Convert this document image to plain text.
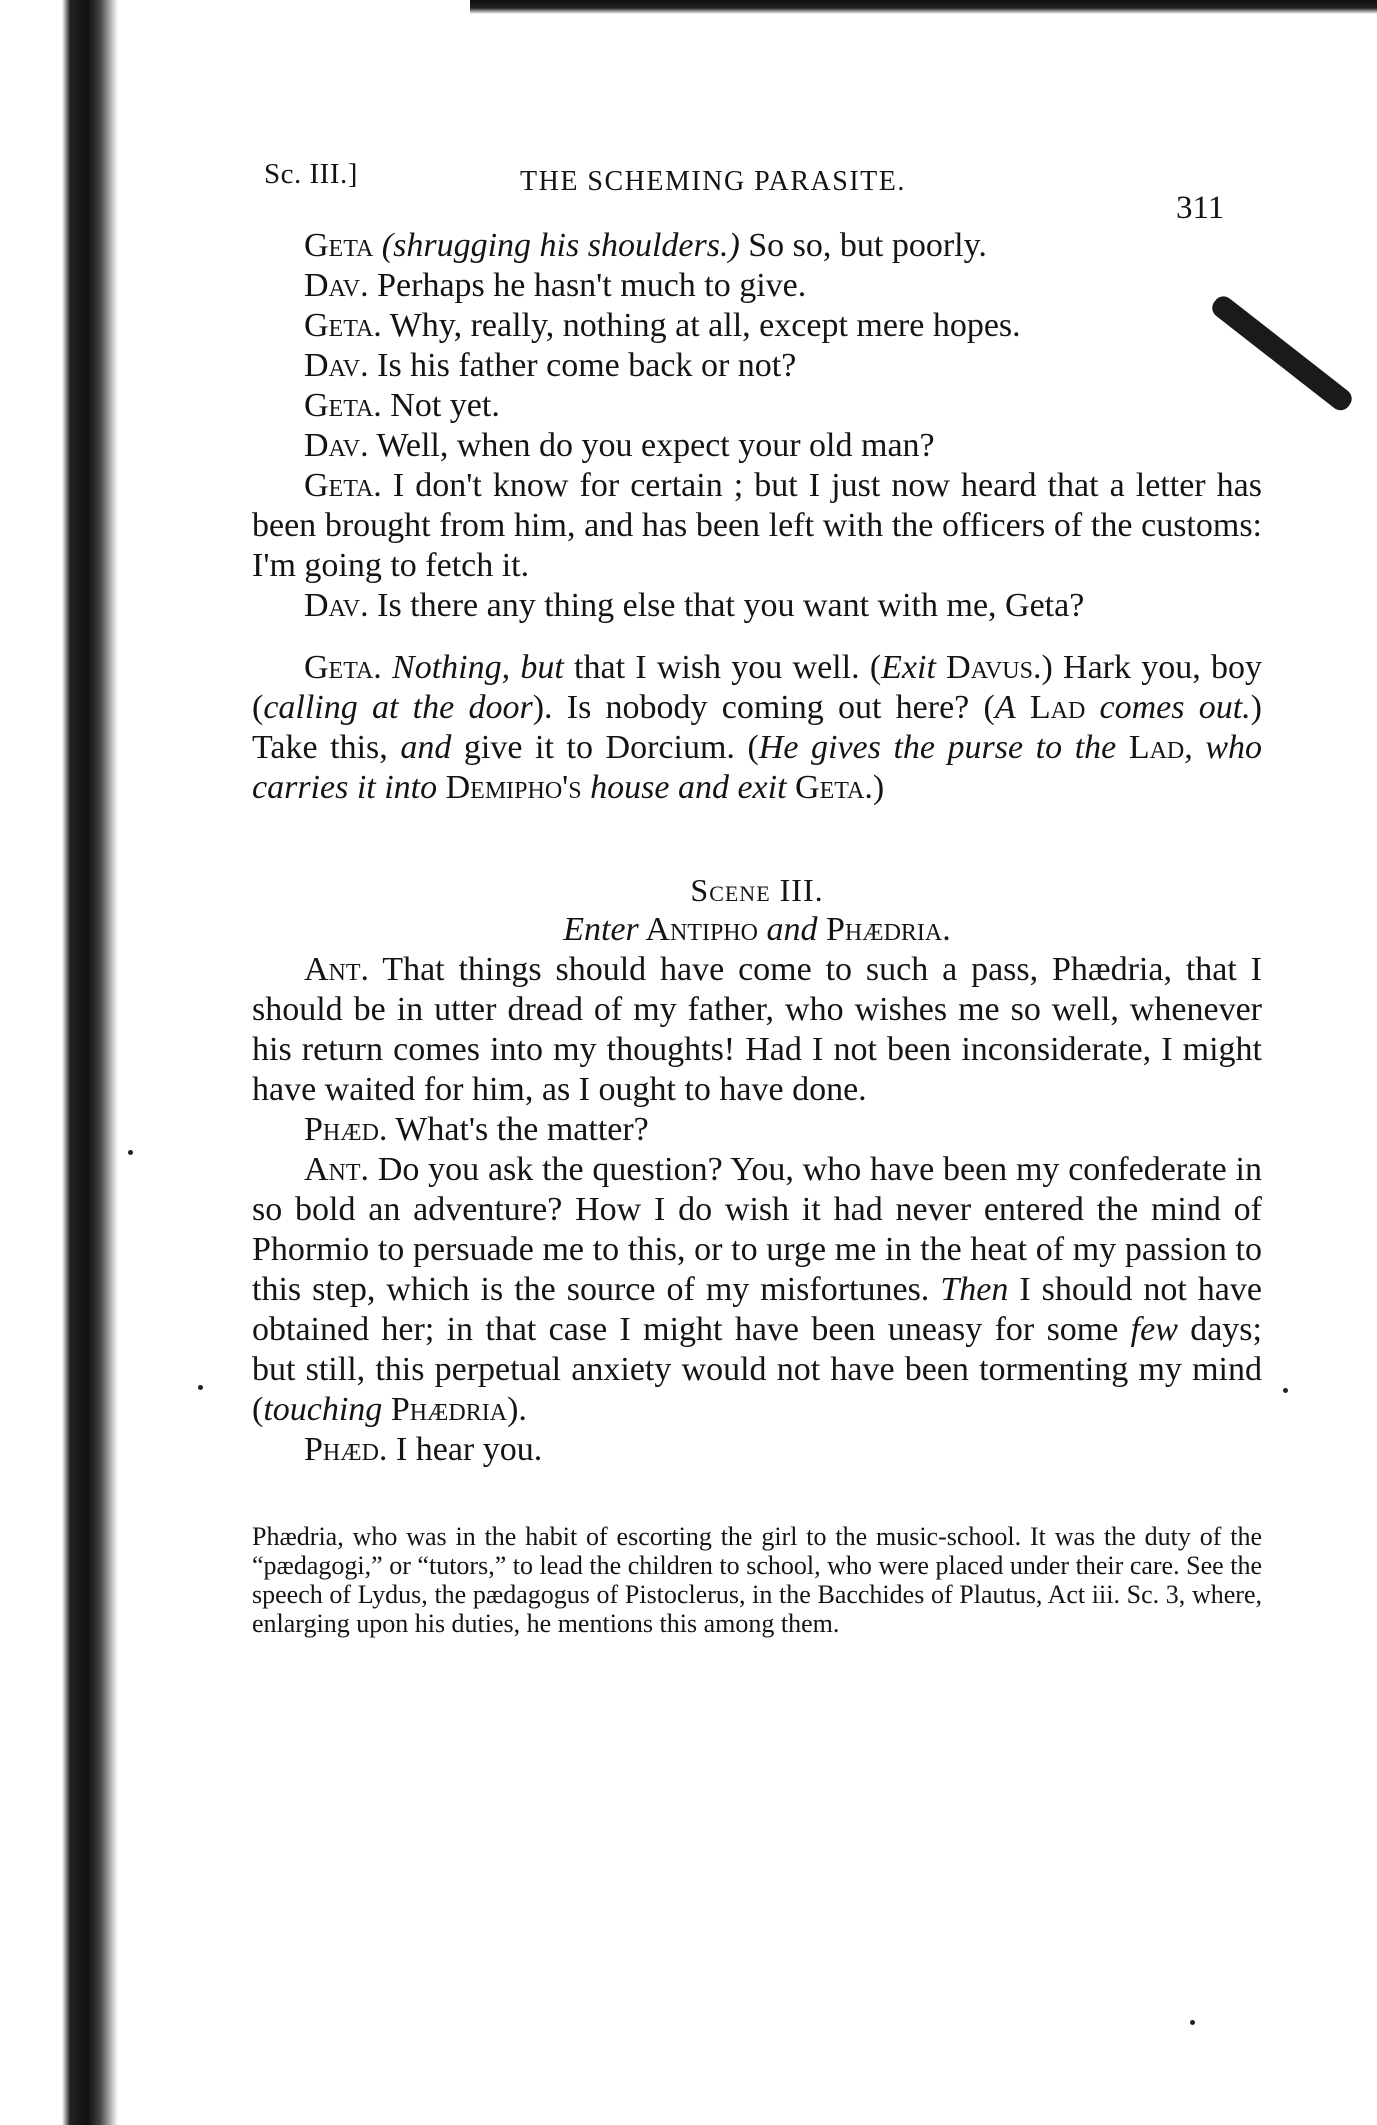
Sc. III.]	THE SCHEMING PARASITE.
311

Geta (shrugging his shoulders.) So so, but poorly.

Dav. Perhaps he hasn't much to give.

Geta. Why, really, nothing at all, except mere hopes.

Dav. Is his father come back or not?

Geta. Not yet.

Dav. Well, when do you expect your old man?

Geta. I don't know for certain ; but I just now heard that a letter has been brought from him, and has been left with the officers of the customs: I'm going to fetch it.

Dav. Is there any thing else that you want with me, Geta?

Geta. Nothing, but that I wish you well. (Exit Davus.) Hark you, boy (calling at the door). Is nobody coming out here? (A Lad comes out.) Take this, and give it to Dorcium. (He gives the purse to the Lad, who carries it into Demipho's house and exit Geta.)

Scene III.

Enter Antipho and Phædria.

Ant. That things should have come to such a pass, Phædria, that I should be in utter dread of my father, who wishes me so well, whenever his return comes into my thoughts! Had I not been inconsiderate, I might have waited for him, as I ought to have done.

Phæd. What's the matter?

Ant. Do you ask the question? You, who have been my confederate in so bold an adventure? How I do wish it had never entered the mind of Phormio to persuade me to this, or to urge me in the heat of my passion to this step, which is the source of my misfortunes. Then I should not have obtained her; in that case I might have been uneasy for some few days; but still, this perpetual anxiety would not have been tormenting my mind (touching Phædria).

Phæd. I hear you.

Phædria, who was in the habit of escorting the girl to the music-school. It was the duty of the “pædagogi,” or “tutors,” to lead the children to school, who were placed under their care. See the speech of Lydus, the pædagogus of Pistoclerus, in the Bacchides of Plautus, Act iii. Sc. 3, where, enlarging upon his duties, he mentions this among them.
